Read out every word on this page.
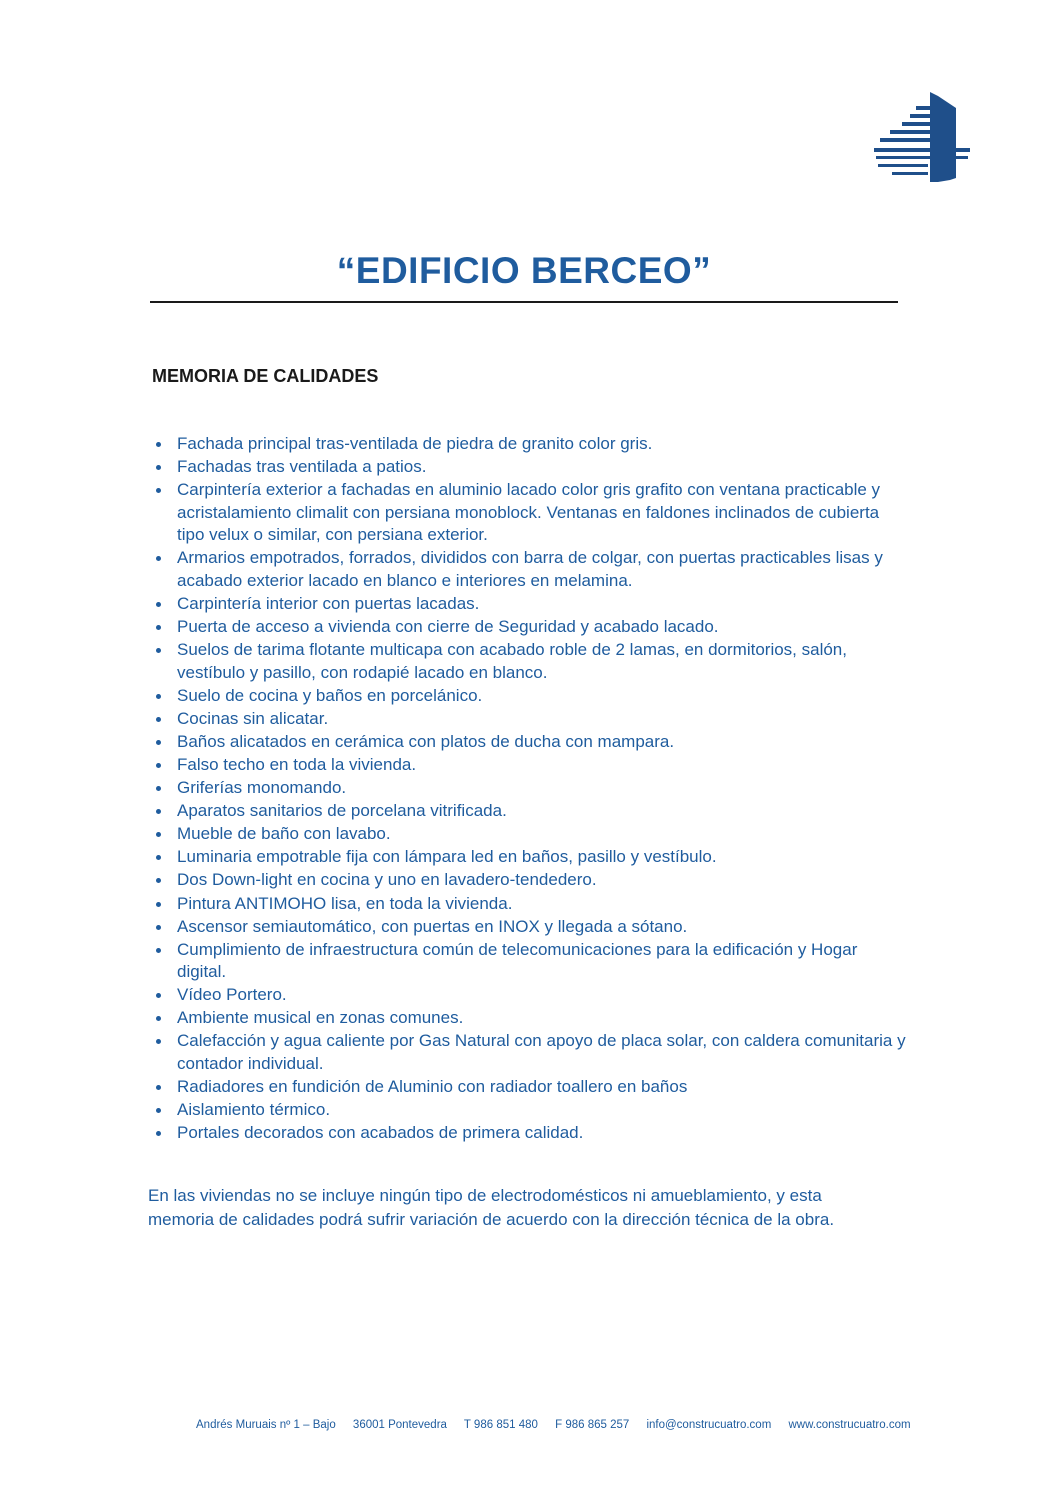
“EDIFICIO BERCEO”
MEMORIA DE CALIDADES
Fachada principal tras-ventilada de piedra de granito color gris.
Fachadas tras ventilada a patios.
Carpintería exterior a fachadas en aluminio lacado color gris grafito con ventana practicable y acristalamiento climalit con persiana monoblock. Ventanas en faldones inclinados de cubierta tipo velux o similar, con persiana exterior.
Armarios empotrados, forrados, divididos con barra de colgar, con puertas practicables lisas y acabado exterior lacado en blanco e interiores en melamina.
Carpintería interior con puertas lacadas.
Puerta de acceso a vivienda con cierre de Seguridad y acabado lacado.
Suelos de tarima flotante multicapa con acabado roble de 2 lamas, en dormitorios, salón, vestíbulo y pasillo, con rodapié lacado en blanco.
Suelo de cocina y baños en porcelánico.
Cocinas sin alicatar.
Baños alicatados en cerámica con platos de ducha con mampara.
Falso techo en toda la vivienda.
Griferías monomando.
Aparatos sanitarios de porcelana vitrificada.
Mueble de baño con lavabo.
Luminaria empotrable fija con lámpara led en baños, pasillo y vestíbulo.
Dos Down-light en cocina y uno en lavadero-tendedero.
Pintura ANTIMOHO lisa, en toda la vivienda.
Ascensor semiautomático, con puertas en INOX y llegada a sótano.
Cumplimiento de infraestructura común de telecomunicaciones para la edificación y Hogar digital.
Vídeo Portero.
Ambiente musical en zonas comunes.
Calefacción y agua caliente por Gas Natural con apoyo de placa solar, con caldera comunitaria y contador individual.
Radiadores en fundición de Aluminio con radiador toallero en baños
Aislamiento térmico.
Portales decorados con acabados de primera calidad.
En las viviendas no se incluye ningún tipo de electrodomésticos ni amueblamiento, y esta memoria de calidades podrá sufrir variación de acuerdo con la dirección técnica de la obra.
Andrés Muruais nº 1 – Bajo 36001 Pontevedra T 986 851 480 F 986 865 257 info@construcuatro.com www.construcuatro.com
